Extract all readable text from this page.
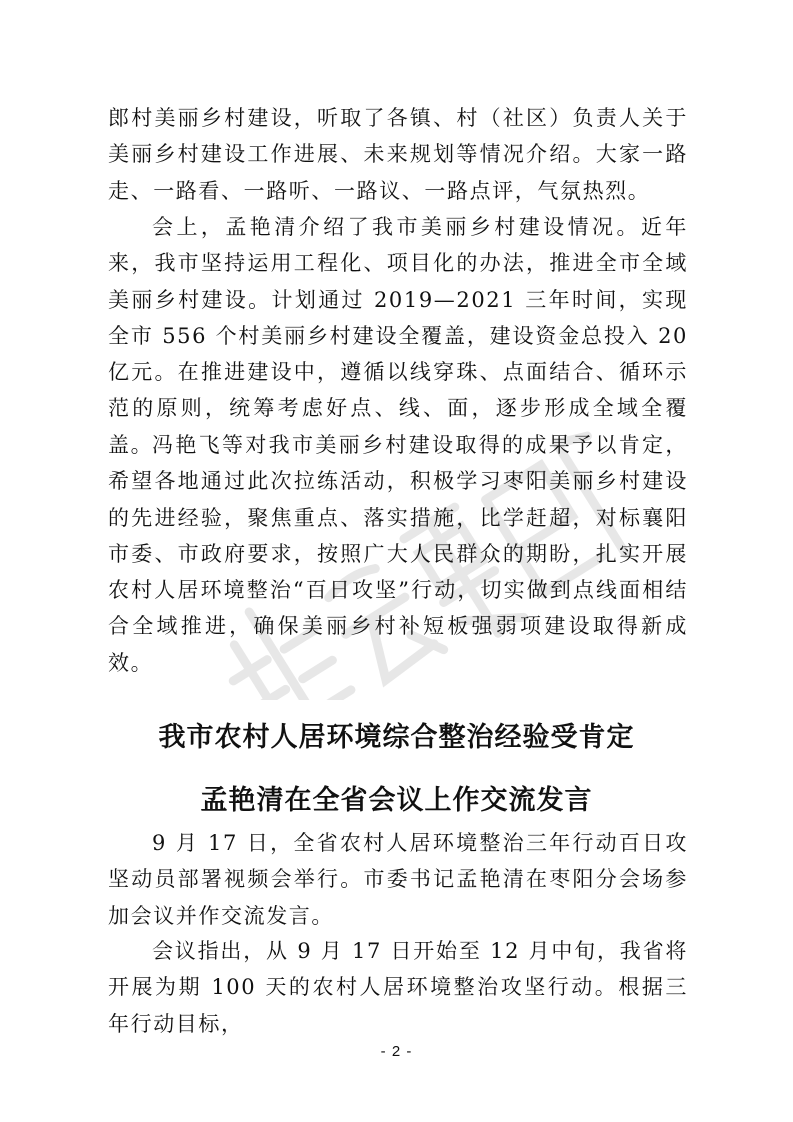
郎村美丽乡村建设，听取了各镇、村（社区）负责人关于美丽乡村建设工作进展、未来规划等情况介绍。大家一路走、一路看、一路听、一路议、一路点评，气氛热烈。

会上，孟艳清介绍了我市美丽乡村建设情况。近年来，我市坚持运用工程化、项目化的办法，推进全市全域美丽乡村建设。计划通过 2019—2021 三年时间，实现全市 556 个村美丽乡村建设全覆盖，建设资金总投入 20 亿元。在推进建设中，遵循以线穿珠、点面结合、循环示范的原则，统筹考虑好点、线、面，逐步形成全域全覆盖。

冯艳飞等对我市美丽乡村建设取得的成果予以肯定，希望各地通过此次拉练活动，积极学习枣阳美丽乡村建设的先进经验，聚焦重点、落实措施，比学赶超，对标襄阳市委、市政府要求，按照广大人民群众的期盼，扎实开展农村人居环境整治“百日攻坚”行动，切实做到点线面相结合全域推进，确保美丽乡村补短板强弱项建设取得新成效。

我市农村人居环境综合整治经验受肯定
孟艳清在全省会议上作交流发言

9 月 17 日，全省农村人居环境整治三年行动百日攻坚动员部署视频会举行。市委书记孟艳清在枣阳分会场参加会议并作交流发言。

会议指出，从 9 月 17 日开始至 12 月中旬，我省将开展为期 100 天的农村人居环境整治攻坚行动。根据三年行动目标，

- 2 -
